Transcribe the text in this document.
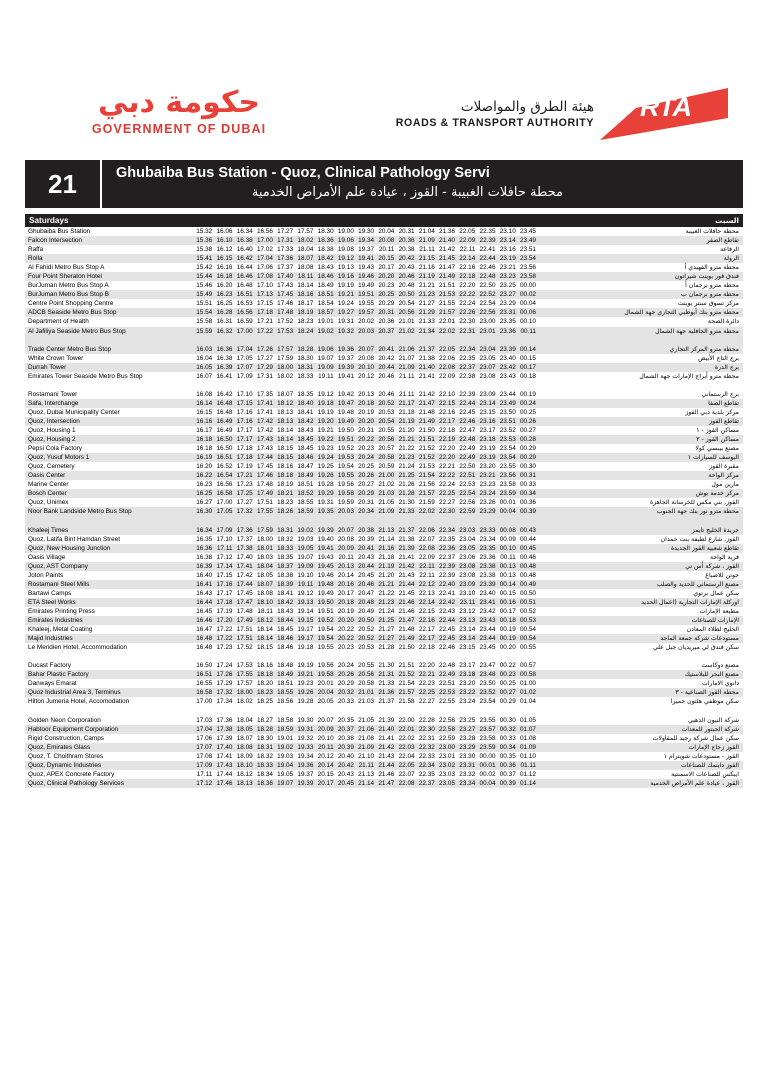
حكومة دبي
GOVERNMENT OF DUBAI
هيئة الطرق والمواصلات
ROADS & TRANSPORT AUTHORITY
RTA
21	Ghubaiba Bus Station - Quoz, Clinical Pathology Servi
محطة حافلات الغبيبة - القوز ، عيادة علم الأمراض الخدمية
Saturdays	السبت
Ghubaiba Bus Station	15.32 16.06 16.34 16.56 17.27 17.57 18.30 19.00 19.30 20.04 20.31 21.04 21.36 22.05 22.35 23.10 23.45	محطة حافلات الغبيبة
Falcon Intersection	15.36 16.10 16.38 17.00 17.31 18.02 18.36 19.06 19.34 20.08 20.36 21.09 21.40 22.09 22.39 23.14 23.49	تقاطع الصقر
Raffa	15.38 16.12 16.40 17.02 17.33 18.04 18.38 19.08 19.37 20.11 20.38 21.11 21.42 22.11 22.41 23.16 23.51	الرفاعة
Rolla	15.41 16.15 16.42 17.04 17.36 18.07 18.42 19.12 19.41 20.15 20.42 21.15 21.45 22.14 22.44 23.19 23.54	الرولة
Al Fahidi Metro Bus Stop A	15.42 16.16 16.44 17.06 17.37 18.08 18.43 19.13 19.43 20.17 20.43 21.16 21.47 22.16 22.46 23.21 23.56	محطة مترو الفهيدي أ
Four Point Sheraton Hotel	15.44 16.18 16.46 17.08 17.40 18.11 18.46 19.16 19.46 20.20 20.46 21.19 21.49 22.18 22.48 23.23 23.58	فندق فور بوينت شيراتون
BurJuman Metro Bus Stop A	15.46 16.20 16.48 17.10 17.43 18.14 18.49 19.19 19.49 20.23 20.48 21.21 21.51 22.20 22.50 23.25 00.00	محطة مترو برجمان أ
BurJuman Metro Bus Stop B	15.49 16.23 16.51 17.13 17.45 18.16 18.51 19.21 19.51 20.25 20.50 21.23 21.53 22.22 22.52 23.27 00.02	محطة مترو برجمان ب
Centre Point Shopping Centre	15.51 16.25 16.53 17.15 17.46 18.17 18.54 19.24 19.55 20.29 20.54 21.27 21.55 22.24 22.54 23.29 00.04	مركز تسوق سنتر بوينت
ADCB Seaside Metro Bus Stop	15.54 16.28 16.56 17.18 17.48 18.19 18.57 19.27 19.57 20.31 20.56 21.29 21.57 22.26 22.56 23.31 00.06	محطة مترو بنك أبوظبي التجاري جهة الشمال
Department of Health	15.58 16.31 16.59 17.21 17.52 18.23 19.01 19.31 20.02 20.36 21.01 21.33 22.01 22.30 23.00 23.35 00.10	دائرة الصحة
Al Jafiliya Seaside Metro Bus Stop	15.59 16.32 17.00 17.22 17.53 18.24 19.02 19.32 20.03 20.37 21.02 21.34 22.02 22.31 23.01 23.36 00.11	محطة مترو الجافلية جهة الشمال
Trade Center Metro Bus Stop	16.03 16.36 17.04 17.26 17.57 18.28 19.06 19.36 20.07 20.41 21.06 21.37 22.05 22.34 23.04 23.39 00.14	محطة مترو المركز التجاري
White Crown Tower	16.04 16.38 17.05 17.27 17.59 18.30 19.07 19.37 20.08 20.42 21.07 21.38 22.06 22.35 23.05 23.40 00.15	برج التاج الأبيض
Durrah Tower	16.05 16.39 17.07 17.29 18.00 18.31 19.09 19.39 20.10 20.44 21.09 21.40 22.08 22.37 23.07 23.42 00.17	برج الدرة
Emirates Tower Seaside Metro Bus Stop	16.07 16.41 17.09 17.31 18.02 18.33 19.11 19.41 20.12 20.46 21.11 21.41 22.09 22.38 23.08 23.43 00.18	محطة مترو أبراج الإمارات جهة الشمال
Rostamani Tower	16.08 16.42 17.10 17.35 18.07 18.35 19.12 19.42 20.13 20.46 21.11 21.42 22.10 22.39 23.09 23.44 00.19	برج الرستماني
Safa, Interchange	16.14 16.48 17.15 17.41 18.12 18.40 19.18 19.47 20.18 20.52 21.17 21.47 22.15 22.44 23.14 23.49 00.24	تقاطع الصفا
Quoz, Dubai Municipality Center	16.15 16.48 17.16 17.41 18.13 18.41 19.19 19.48 20.19 20.53 21.18 21.48 22.16 22.45 23.15 23.50 00.25	مركز بلدية دبي القوز
Quoz, Intersection	16.16 16.49 17.16 17.42 18.13 18.42 19.20 19.49 20.20 20.54 21.19 21.49 22.17 22.46 23.16 23.51 00.26	تقاطع القوز
Quoz, Housing 1	16.17 16.49 17.17 17.42 18.14 18.43 19.21 19.50 20.21 20.55 21.20 21.50 22.18 22.47 23.17 23.52 00.27	مساكن القوز - ١
Quoz, Housing 2	16.18 16.50 17.17 17.43 18.14 18.45 19.22 19.51 20.22 20.56 21.21 21.51 22.19 22.48 23.18 23.53 00.28	مساكن القوز - ٢
Pepsi Cola Factory	16.18 16.50 17.18 17.43 18.15 18.45 19.23 19.52 20.23 20.57 21.22 21.52 22.20 22.49 23.19 23.54 00.29	مصنع بيبسي كولا
Quoz, Yusuf Motors 1	16.19 16.51 17.18 17.44 18.15 18.46 19.24 19.53 20.24 20.58 21.23 21.52 22.20 22.49 23.19 23.54 00.29	اليوسف للسيارات ١
Quoz, Cemetery	16.20 16.52 17.19 17.45 18.16 18.47 19.25 19.54 20.25 20.59 21.24 21.53 22.21 22.50 23.20 23.55 00.30	مقبرة القوز
Oasis Center	16.22 16.54 17.21 17.46 18.18 18.49 19.26 19.55 20.26 21.00 21.25 21.54 22.22 22.51 23.21 23.56 00.31	مركز الواحة
Marine Center	16.23 16.56 17.23 17.48 18.19 18.51 19.28 19.56 20.27 21.02 21.26 21.56 22.24 22.53 23.23 23.58 00.33	مارين مول
Bosch Center	16.25 16.58 17.25 17.49 18.21 18.52 19.29 19.58 20.29 21.03 21.28 21.57 22.25 22.54 23.24 23.59 00.34	مركز خدمة بوش
Quoz, Unimex	16.27 17.00 17.27 17.51 18.23 18.55 19.31 19.59 20.31 21.05 21.30 21.59 22.27 22.56 23.26 00.01 00.36	القوز, بني مكس للخرسانة الجاهزة
Noor Bank Landside Metro Bus Stop	16.30 17.05 17.32 17.55 18.26 18.59 19.35 20.03 20.34 21.09 21.33 22.02 22.30 22.59 23.29 00.04 00.39	محطة مترو نور بنك جهة الجنوب
Khaleej Times	16.34 17.09 17.36 17.59 18.31 19.02 19.39 20.07 20.38 21.13 21.37 22.06 22.34 23.03 23.33 00.08 00.43	جريدة الخليج تايمز
Quoz, Latifa Bint Hamdan Street	16.35 17.10 17.37 18.00 18.32 19.03 19.40 20.08 20.39 21.14 21.38 22.07 22.35 23.04 23.34 00.09 00.44	القوز, شارع لطيفة بنت حمدان
Quoz, New Housing Junction	16.36 17.11 17.38 18.01 18.33 19.05 19.41 20.09 20.41 21.16 21.39 22.08 22.36 23.05 23.35 00.10 00.45	تقاطع شعبية القوز الجديدة
Oasis Village	16.38 17.12 17.40 18.03 18.35 19.07 19.43 20.11 20.43 21.18 21.41 22.09 22.37 23.06 23.36 00.11 00.46	قرية الواحة
Quoz, AST Company	16.39 17.14 17.41 18.04 18.37 19.09 19.45 20.13 20.44 21.19 21.42 22.11 22.39 23.08 23.38 00.13 00.48	القوز ، شركة أس تي
Joton Paints	16.40 17.15 17.42 18.05 18.38 19.10 19.46 20.14 20.45 21.20 21.43 22.11 22.39 23.08 23.38 00.13 00.48	جوتن للاصباغ
Rostamani Steel Mills	16.41 17.16 17.44 18.07 18.39 19.11 19.48 20.16 20.46 21.21 21.44 22.12 22.40 23.09 23.39 00.14 00.49	مصنع الرستماني للحديد والصلب
Bartawi Camps	16.43 17.17 17.45 18.08 18.41 19.12 19.49 20.17 20.47 21.22 21.45 22.13 22.41 23.10 23.40 00.15 00.50	سكن عمال برتوي
ETA Steel Works	16.44 17.18 17.47 18.10 18.42 19.13 19.50 20.18 20.48 21.23 21.46 22.14 22.42 23.11 23.41 00.16 00.51	اوركلة الإمارات التجارية (اعمال الحديد
Emirates Printing Press	16.45 17.19 17.48 18.11 18.43 19.14 19.51 20.19 20.49 21.24 21.46 22.15 22.43 23.12 23.42 00.17 00.52	مطبعة الإمارات
Emirates Industries	16.46 17.20 17.49 18.12 18.44 19.15 19.52 20.20 20.50 21.25 21.47 22.16 22.44 23.13 23.43 00.18 00.53	الإمارات للصناعات
Khaleej, Metal Coating	16.47 17.22 17.51 18.14 18.45 19.17 19.54 20.22 20.52 21.27 21.48 22.17 22.45 23.14 23.44 00.19 00.54	الخليج لطلاء المعادن
Majid Industries	16.48 17.22 17.51 18.14 18.46 19.17 19.54 20.22 20.52 21.27 21.49 22.17 22.45 23.14 23.44 00.19 00.54	مستودعات شركة جمعة الماجد
Le Meridien Hotel, Accommodation	16.48 17.23 17.52 18.15 18.46 19.18 19.55 20.23 20.53 21.28 21.50 22.18 22.46 23.15 23.45 00.20 00.55	سكن فندق لي ميريديان جبل علي
Ducast Factory	16.50 17.24 17.53 18.16 18.48 19.19 19.56 20.24 20.55 21.30 21.51 22.20 22.48 23.17 23.47 00.22 00.57	مصنع دوكاست
Bahar Plastic Factory	16.51 17.26 17.55 18.18 18.49 19.21 19.58 20.26 20.56 21.31 21.52 22.21 22.49 23.18 23.48 00.23 00.58	مصنع البحر للبلاستيك
Danways Emarat	16.55 17.29 17.57 18.20 18.51 19.23 20.01 20.29 20.58 21.33 21.54 22.23 22.51 23.20 23.50 00.25 01.00	دانوي الامارات
Quoz Industrial Area 3, Terminus	16.58 17.32 18.00 18.23 18.55 19.26 20.04 20.32 21.01 21.36 21.57 22.25 22.53 23.22 23.52 00.27 01.02	محطة القوز الصناعية - ٣
Hilton Jumeria Hotel, Accomodation	17.00 17.34 18.02 18.25 18.56 19.28 20.05 20.33 21.03 21.37 21.58 22.27 22.55 23.24 23.54 00.29 01.04	سكن موظفي هلتون جميرا
Golden Neon Corporation	17.03 17.36 18.04 18.27 18.58 19.30 20.07 20.35 21.05 21.39 22.00 22.28 22.56 23.25 23.55 00.30 01.05	شركة النيون الذهبي
Habtoor Equipment Corporation	17.04 17.38 18.05 18.28 18.59 19.31 20.09 20.37 21.06 21.40 22.01 22.30 22.58 23.27 23.57 00.32 01.07	شركة الحبتور للمعدات
Rigid Construction, Camps	17.06 17.39 18.07 18.30 19.01 19.32 20.10 20.38 21.08 21.41 22.02 22.31 22.59 23.28 23.58 00.33 01.08	سكن عمال شركة رجيد للمقاولات
Quoz, Emirates Glass	17.07 17.40 18.08 18.31 19.02 19.33 20.11 20.39 21.09 21.42 22.03 22.32 23.00 23.29 23.59 00.34 01.09	القوز زجاج الإمارات
Quoz, T. Choithram Stores	17.08 17.41 18.09 18.32 19.03 19.34 20.12 20.40 21.10 21.43 22.04 22.33 23.01 23.30 00.00 00.35 01.10	القوز - مستودعات شويترام ١
Quoz, Dynamic Industries	17.09 17.43 18.10 18.33 19.04 19.36 20.14 20.42 21.11 21.44 22.05 22.34 23.02 23.31 00.01 00.36 01.11	القوز داينمك للصناعات
Quoz, APEX Concrete Factory	17.11 17.44 18.12 18.34 19.05 19.37 20.15 20.43 21.13 21.46 22.07 22.35 23.03 23.32 00.02 00.37 01.12	ايبكس للصناعات الاسمنتية
Quoz, Clinical Pathology Services	17.12 17.46 18.13 18.36 19.07 19.39 20.17 20.45 21.14 21.47 22.08 22.37 23.05 23.34 00.04 00.39 01.14	القوز ، عيادة علم الأمراض الخدمية
